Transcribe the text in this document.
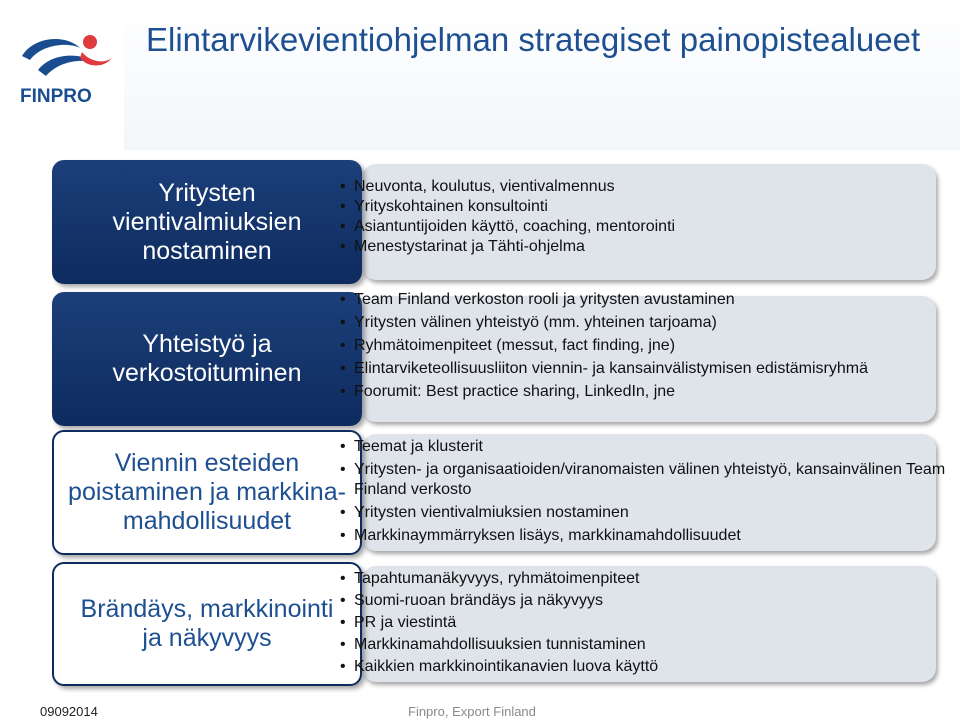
FINPRO
Elintarvikevientiohjelman strategiset painopistealueet
Yritysten vientivalmiuksien nostaminen
• Neuvonta, koulutus, vientivalmennus
• Yrityskohtainen konsultointi
• Asiantuntijoiden käyttö, coaching, mentorointi
• Menestystarinat ja Tähti-ohjelma
Yhteistyö ja verkostoituminen
• Team Finland verkoston rooli ja yritysten avustaminen
• Yritysten välinen yhteistyö (mm. yhteinen tarjoama)
• Ryhmätoimenpiteet (messut, fact finding, jne)
• Elintarviketeollisuusliiton viennin- ja kansainvälistymisen edistämisryhmä
• Foorumit: Best practice sharing, LinkedIn, jne
Viennin esteiden poistaminen ja markkina-mahdollisuudet
• Teemat ja klusterit
• Yritysten- ja organisaatioiden/viranomaisten välinen yhteistyö, kansainvälinen Team Finland verkosto
• Yritysten vientivalmiuksien nostaminen
• Markkinaymmärryksen lisäys, markkinamahdollisuudet
Brändäys, markkinointi ja näkyvyys
• Tapahtumanäkyvyys, ryhmätoimenpiteet
• Suomi-ruoan brändäys ja näkyvyys
• PR ja viestintä
• Markkinamahdollisuuksien tunnistaminen
• Kaikkien markkinointikanavien luova käyttö
09092014	Finpro, Export Finland
